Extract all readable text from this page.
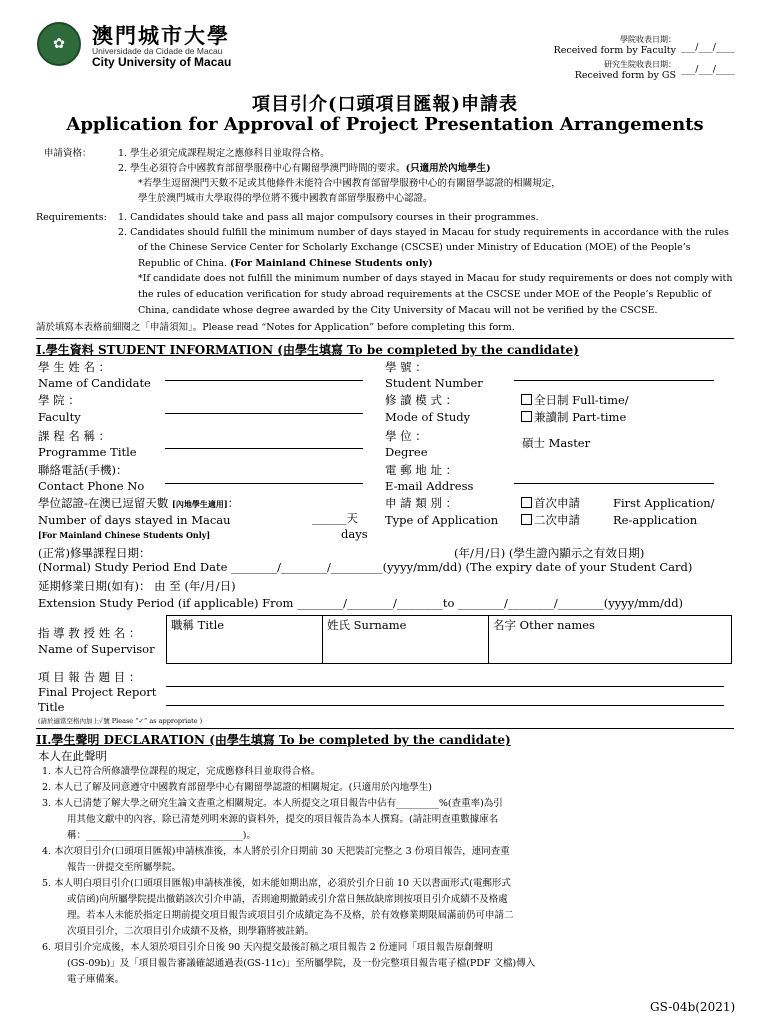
✿	澳門城市大學
Universidade da Cidade de Macau
City University of Macau
學院收表日期：
Received form by Faculty ___/___/____
研究生院收表日期：
Received form by GS
___/___/____
項目引介(口頭項目匯報)申請表
Application for Approval of Project Presentation Arrangements
申請資格：	1. 學生必須完成課程規定之應修科目並取得合格。
2. 學生必須符合中國教育部留學服務中心有關留學澳門時間的要求。(只適用於內地學生)
*若學生逗留澳門天數不足或其他條件未能符合中國教育部留學服務中心的有關留學認證的相關規定，
學生於澳門城市大學取得的學位將不獲中國教育部留學服務中心認證。
Requirements: 1. Candidates should take and pass all major compulsory courses in their programmes.
2. Candidates should fulfill the minimum number of days stayed in Macau for study requirements in accordance with the rules
of the Chinese Service Center for Scholarly Exchange (CSCSE) under Ministry of Education (MOE) of the People’s
Republic of China. (For Mainland Chinese Students only)
*If candidate does not fulfill the minimum number of days stayed in Macau for study requirements or does not comply with
the rules of education verification for study abroad requirements at the CSCSE under MOE of the People’s Republic of
China, candidate whose degree awarded by the City University of Macau will not be verified by the CSCSE.
請於填寫本表格前細閱之「申請須知」。Please read “Notes for Application” before completing this form.
I.學生資料 STUDENT INFORMATION (由學生填寫 To be completed by the candidate)
學 生 姓 名 ：
Name of Candidate
學 號 ：
Student Number
學 院 ：
Faculty
修 讀 模 式 ：
Mode of Study
全日制 Full-time/
兼讀制 Part-time
課 程 名 稱 ：
Programme Title
學 位 ：
Degree
碩士 Master
聯絡電話(手機)：
Contact Phone No
電 郵 地 址 ：
E-mail Address
學位認證-在澳已逗留天數 [內地學生適用]：
Number of days stayed in Macau
[For Mainland Chinese Students Only]
______天
days
申 請 類 別 ：
Type of Application
首次申請	First Application/
二次申請	Re-application
(正常)修畢課程日期：	(年/月/日) (學生證內顯示之有效日期)
(Normal) Study Period End Date ________/________/_________(yyyy/mm/dd) (The expiry date of your Student Card)
延期修業日期(如有)： 由 至 (年/月/日)
Extension Study Period (if applicable) From ________/________/________to ________/________/________(yyyy/mm/dd)
指 導 教 授 姓 名 ：
Name of Supervisor
職稱 Title	姓氏 Surname	名字 Other names
項 目 報 告 題 目 ：
Final Project Report
Title
(請於適當空格內加上✓號 Please “✓” as appropriate )
II.學生聲明 DECLARATION (由學生填寫 To be completed by the candidate)
本人在此聲明
1. 本人已符合所修讀學位課程的規定，完成應修科目並取得合格。
2. 本人已了解及同意遵守中國教育部留學中心有關留學認證的相關規定。(只適用於內地學生)
3. 本人已清楚了解大學之研究生論文查重之相關規定。本人所提交之項目報告中佔有_________%(查重率)為引
用其他文獻中的內容，除已清楚列明來源的資料外，提交的項目報告為本人撰寫。(請註明查重數據庫名
稱：_________________________________)。
4. 本次項目引介(口頭項目匯報)申請核准後，本人將於引介日期前 30 天把裝訂完整之 3 份項目報告，連同查重
報告一併提交至所屬學院。
5. 本人明白項目引介(口頭項目匯報)申請核准後，如未能如期出席，必須於引介日前 10 天以書面形式(電郵形式
或信函)向所屬學院提出撤銷該次引介申請，否則逾期撤銷或引介當日無故缺席則按項目引介成績不及格處
理。若本人未能於指定日期前提交項目報告或項目引介成績定為不及格，於有效修業期限屆滿前仍可申請二
次項目引介，二次項目引介成績不及格，則學籍將被註銷。
6. 項目引介完成後，本人須於項目引介日後 90 天內提交最後訂稿之項目報告 2 份連同「項目報告原創聲明
(GS-09b)」及「項目報告審議確認通過表(GS-11c)」至所屬學院，及一份完整項目報告電子檔(PDF 文檔)傳入
電子庫備案。
GS-04b(2021)
